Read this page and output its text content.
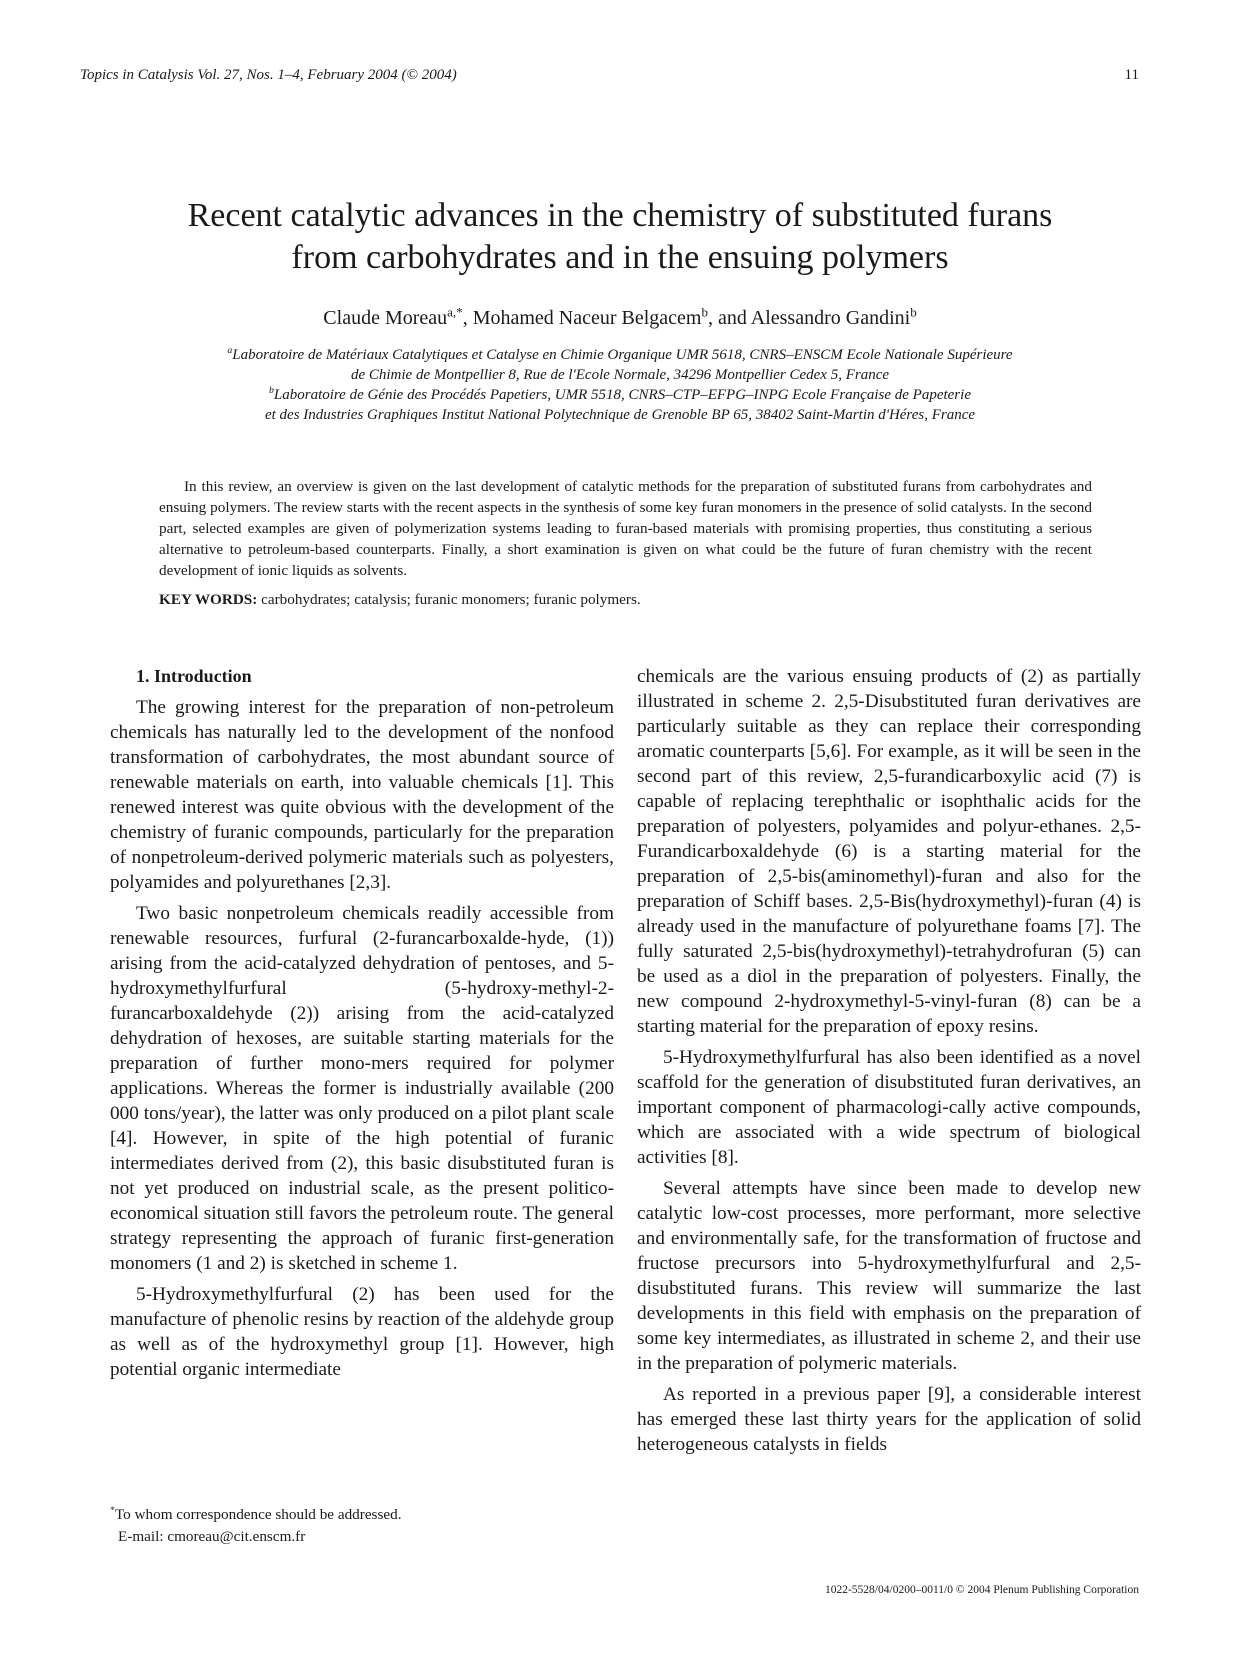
Topics in Catalysis Vol. 27, Nos. 1–4, February 2004 (© 2004)	11
Recent catalytic advances in the chemistry of substituted furans
from carbohydrates and in the ensuing polymers
Claude Moreau$^{a,*}$, Mohamed Naceur Belgacem$^b$, and Alessandro Gandini$^b$
$^a$Laboratoire de Matériaux Catalytiques et Catalyse en Chimie Organique UMR 5618, CNRS–ENSCM Ecole Nationale Supérieure
de Chimie de Montpellier 8, Rue de l'Ecole Normale, 34296 Montpellier Cedex 5, France
$^b$Laboratoire de Génie des Procédés Papetiers, UMR 5518, CNRS–CTP–EFPG–INPG Ecole Française de Papeterie
et des Industries Graphiques Institut National Polytechnique de Grenoble BP 65, 38402 Saint-Martin d'Héres, France
In this review, an overview is given on the last development of catalytic methods for the preparation of substituted furans from carbohydrates and ensuing polymers. The review starts with the recent aspects in the synthesis of some key furan monomers in the presence of solid catalysts. In the second part, selected examples are given of polymerization systems leading to furan-based materials with promising properties, thus constituting a serious alternative to petroleum-based counterparts. Finally, a short examination is given on what could be the future of furan chemistry with the recent development of ionic liquids as solvents.
KEY WORDS: carbohydrates; catalysis; furanic monomers; furanic polymers.

1. Introduction

The growing interest for the preparation of non-petroleum chemicals has naturally led to the development of the nonfood transformation of carbohydrates, the most abundant source of renewable materials on earth, into valuable chemicals [1]. This renewed interest was quite obvious with the development of the chemistry of furanic compounds, particularly for the preparation of nonpetroleum-derived polymeric materials such as polyesters, polyamides and polyurethanes [2,3].

Two basic nonpetroleum chemicals readily accessible from renewable resources, furfural (2-furancarboxalde-hyde, (1)) arising from the acid-catalyzed dehydration of pentoses, and 5-hydroxymethylfurfural (5-hydroxy-methyl-2-furancarboxaldehyde (2)) arising from the acid-catalyzed dehydration of hexoses, are suitable starting materials for the preparation of further mono-mers required for polymer applications. Whereas the former is industrially available (200 000 tons/year), the latter was only produced on a pilot plant scale [4]. However, in spite of the high potential of furanic intermediates derived from (2), this basic disubstituted furan is not yet produced on industrial scale, as the present politico-economical situation still favors the petroleum route. The general strategy representing the approach of furanic first-generation monomers (1 and 2) is sketched in scheme 1.

5-Hydroxymethylfurfural (2) has been used for the manufacture of phenolic resins by reaction of the aldehyde group as well as of the hydroxymethyl group [1]. However, high potential organic intermediate

chemicals are the various ensuing products of (2) as partially illustrated in scheme 2. 2,5-Disubstituted furan derivatives are particularly suitable as they can replace their corresponding aromatic counterparts [5,6]. For example, as it will be seen in the second part of this review, 2,5-furandicarboxylic acid (7) is capable of replacing terephthalic or isophthalic acids for the preparation of polyesters, polyamides and polyur-ethanes. 2,5-Furandicarboxaldehyde (6) is a starting material for the preparation of 2,5-bis(aminomethyl)-furan and also for the preparation of Schiff bases. 2,5-Bis(hydroxymethyl)-furan (4) is already used in the manufacture of polyurethane foams [7]. The fully saturated 2,5-bis(hydroxymethyl)-tetrahydrofuran (5) can be used as a diol in the preparation of polyesters. Finally, the new compound 2-hydroxymethyl-5-vinyl-furan (8) can be a starting material for the preparation of epoxy resins.

5-Hydroxymethylfurfural has also been identified as a novel scaffold for the generation of disubstituted furan derivatives, an important component of pharmacologi-cally active compounds, which are associated with a wide spectrum of biological activities [8].

Several attempts have since been made to develop new catalytic low-cost processes, more performant, more selective and environmentally safe, for the transformation of fructose and fructose precursors into 5-hydroxymethylfurfural and 2,5-disubstituted furans. This review will summarize the last developments in this field with emphasis on the preparation of some key intermediates, as illustrated in scheme 2, and their use in the preparation of polymeric materials.

As reported in a previous paper [9], a considerable interest has emerged these last thirty years for the application of solid heterogeneous catalysts in fields

*To whom correspondence should be addressed.
E-mail: cmoreau@cit.enscm.fr
1022-5528/04/0200–0011/0 © 2004 Plenum Publishing Corporation
